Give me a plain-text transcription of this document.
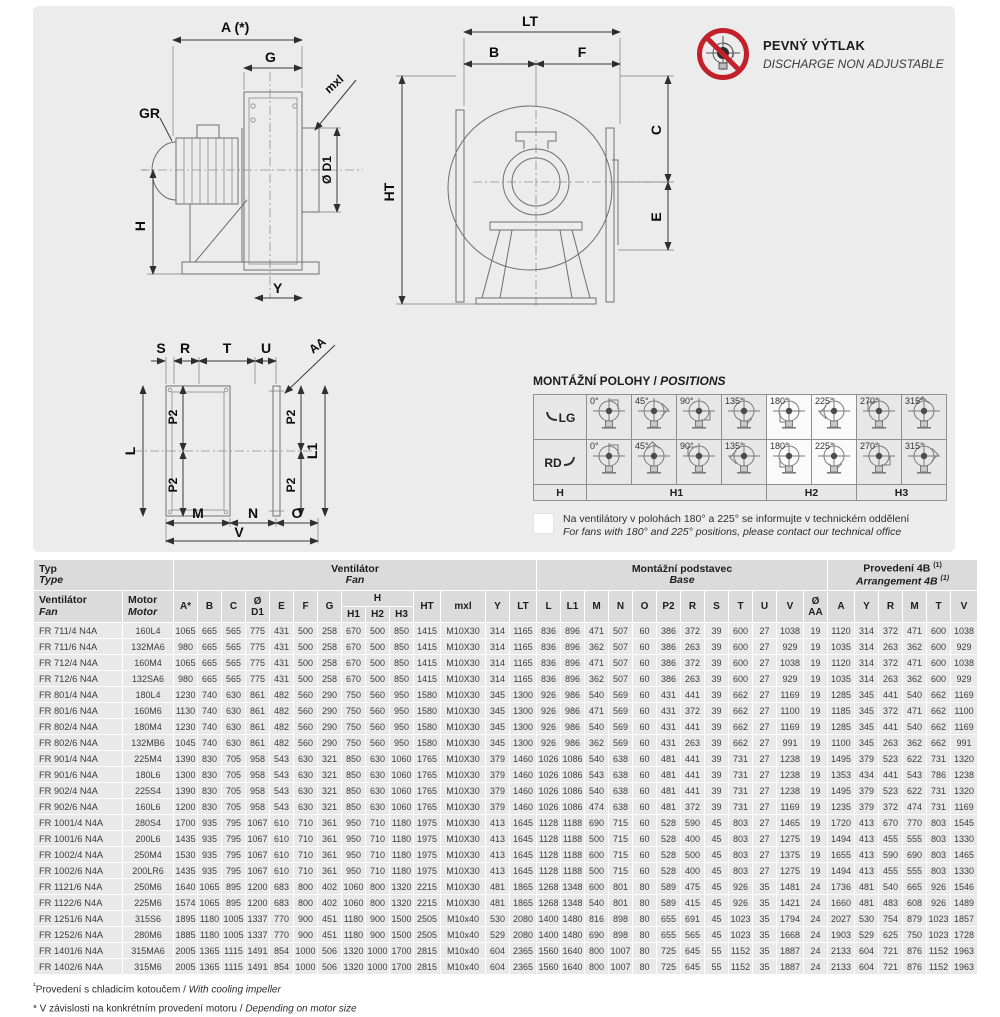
A (*)
G
mxl
GR
Ø D1
H
Y
LT
B	F
HT
C
E
S R T U	AA
L
P2
P2
P2
P2
L1
M	N O
V
PEVNÝ VÝTLAK
DISCHARGE NON ADJUSTABLE
MONTÁŽNÍ POLOHY / POSITIONS
LG	0°	45°	90°	135°	180°	225°	270°	315°

RD	0°	45°	90°	135°	180°	225°	270°	315°

H	H1				H2		H3	
Na ventilátory v polohách 180° a 225° se informujte v technickém oddělení
For fans with 180° and 225° positions, please contact our technical office
Typ
Type

Ventilátor
Fan

Montážní podstavec
Base

Provedení 4B $^{(1)}$
Arrangement 4B $^{(1)}$

Ventilátor
Fan

Motor
Motor	A*	B	C	Ø D1	E	F	G	H	HT	mxl	Y	LT	L	L1	M	N	O	P2	R	S	T	U	V	Ø AA	A	Y	R	M	T	V
									H1	H2	H3																						
FR 711/4 N4A	160L4	1065	665	565	775	431	500	258	670	500	850	1415	M10X30	314	1165	836	896	471	507	60	386	372	39	600	27	1038	19	1120	314	372	471	600	1038
FR 711/6 N4A	132MA6	980	665	565	775	431	500	258	670	500	850	1415	M10X30	314	1165	836	896	362	507	60	386	263	39	600	27	929	19	1035	314	263	362	600	929
FR 712/4 N4A	160M4	1065	665	565	775	431	500	258	670	500	850	1415	M10X30	314	1165	836	896	471	507	60	386	372	39	600	27	1038	19	1120	314	372	471	600	1038
FR 712/6 N4A	132SA6	980	665	565	775	431	500	258	670	500	850	1415	M10X30	314	1165	836	896	362	507	60	386	263	39	600	27	929	19	1035	314	263	362	600	929
FR 801/4 N4A	180L4	1230	740	630	861	482	560	290	750	560	950	1580	M10X30	345	1300	926	986	540	569	60	431	441	39	662	27	1169	19	1285	345	441	540	662	1169
FR 801/6 N4A	160M6	1130	740	630	861	482	560	290	750	560	950	1580	M10X30	345	1300	926	986	471	569	60	431	372	39	662	27	1100	19	1185	345	372	471	662	1100
FR 802/4 N4A	180M4	1230	740	630	861	482	560	290	750	560	950	1580	M10X30	345	1300	926	986	540	569	60	431	441	39	662	27	1169	19	1285	345	441	540	662	1169
FR 802/6 N4A	132MB6	1045	740	630	861	482	560	290	750	560	950	1580	M10X30	345	1300	926	986	362	569	60	431	263	39	662	27	991	19	1100	345	263	362	662	991
FR 901/4 N4A	225M4	1390	830	705	958	543	630	321	850	630	1060	1765	M10X30	379	1460	1026	1086	540	638	60	481	441	39	731	27	1238	19	1495	379	523	622	731	1320
FR 901/6 N4A	180L6	1300	830	705	958	543	630	321	850	630	1060	1765	M10X30	379	1460	1026	1086	543	638	60	481	441	39	731	27	1238	19	1353	434	441	543	786	1238
FR 902/4 N4A	225S4	1390	830	705	958	543	630	321	850	630	1060	1765	M10X30	379	1460	1026	1086	540	638	60	481	441	39	731	27	1238	19	1495	379	523	622	731	1320
FR 902/6 N4A	160L6	1200	830	705	958	543	630	321	850	630	1060	1765	M10X30	379	1460	1026	1086	474	638	60	481	372	39	731	27	1169	19	1235	379	372	474	731	1169
FR 1001/4 N4A	280S4	1700	935	795	1067	610	710	361	950	710	1180	1975	M10X30	413	1645	1128	1188	690	715	60	528	590	45	803	27	1465	19	1720	413	670	770	803	1545
FR 1001/6 N4A	200L6	1435	935	795	1067	610	710	361	950	710	1180	1975	M10X30	413	1645	1128	1188	500	715	60	528	400	45	803	27	1275	19	1494	413	455	555	803	1330
FR 1002/4 N4A	250M4	1530	935	795	1067	610	710	361	950	710	1180	1975	M10X30	413	1645	1128	1188	600	715	60	528	500	45	803	27	1375	19	1655	413	590	690	803	1465
FR 1002/6 N4A	200LR6	1435	935	795	1067	610	710	361	950	710	1180	1975	M10X30	413	1645	1128	1188	500	715	60	528	400	45	803	27	1275	19	1494	413	455	555	803	1330
FR 1121/6 N4A	250M6	1640	1065	895	1200	683	800	402	1060	800	1320	2215	M10X30	481	1865	1268	1348	600	801	80	589	475	45	926	35	1481	24	1736	481	540	665	926	1546
FR 1122/6 N4A	225M6	1574	1065	895	1200	683	800	402	1060	800	1320	2215	M10X30	481	1865	1268	1348	540	801	80	589	415	45	926	35	1421	24	1660	481	483	608	926	1489
FR 1251/6 N4A	315S6	1895	1180	1005	1337	770	900	451	1180	900	1500	2505	M10x40	530	2080	1400	1480	816	898	80	655	691	45	1023	35	1794	24	2027	530	754	879	1023	1857
FR 1252/6 N4A	280M6	1885	1180	1005	1337	770	900	451	1180	900	1500	2505	M10x40	529	2080	1400	1480	690	898	80	655	565	45	1023	35	1668	24	1903	529	625	750	1023	1728
FR 1401/6 N4A	315MA6	2005	1365	1115	1491	854	1000	506	1320	1000	1700	2815	M10x40	604	2365	1560	1640	800	1007	80	725	645	55	1152	35	1887	24	2133	604	721	876	1152	1963
FR 1402/6 N4A	315M6	2005	1365	1115	1491	854	1000	506	1320	1000	1700	2815	M10x40	604	2365	1560	1640	800	1007	80	725	645	55	1152	35	1887	24	2133	604	721	876	1152	1963
$^{^1}$Provedení s chladicím kotoučem / With cooling impeller
* V závislosti na konkrétním provedení motoru / Depending on motor size
